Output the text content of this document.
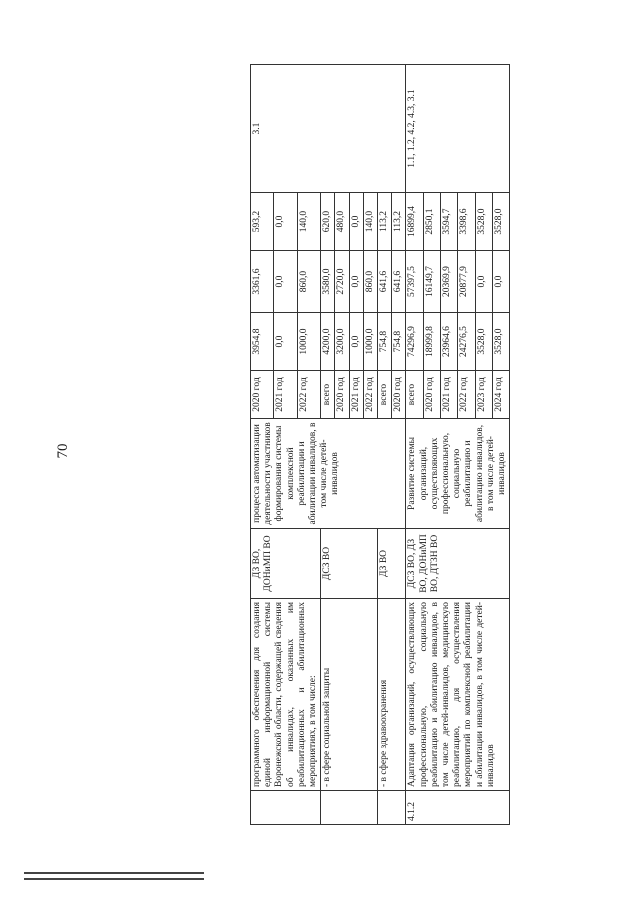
70
	программного обеспечения для создания единой информационной системы Воронежской области, содержащей сведения об инвалидах, оказанных им реабилитационных и абилитационных мероприятиях, в том числе:	ДЗ ВО, ДОНиМП ВО	процесса автоматизации деятельности участников формирования системы комплексной реабилитации и абилитации инвалидов, в том числе детей-инвалидов	2020 год	3954,8	3361,6	593,2	3.1
				2021 год	0,0	0,0	0,0	
				2022 год	1000,0	860,0	140,0	
	- в сфере социальной защиты	ДСЗ ВО		всего	4200,0	3580,0	620,0	
				2020 год	3200,0	2720,0	480,0	
				2021 год	0,0	0,0	0,0	
				2022 год	1000,0	860,0	140,0	
	- в сфере здравоохранения	ДЗ ВО		всего	754,8	641,6	113,2	
				2020 год	754,8	641,6	113,2	
4.1.2	Адаптация организаций, осуществляющих профессиональную, социальную реабилитацию и абилитацию инвалидов, в том числе детей-инвалидов, медицинскую реабилитацию, для осуществления мероприятий по комплексной реабилитации и абилитации инвалидов, в том числе детей-инвалидов	ДСЗ ВО, ДЗ ВО, ДОНиМП ВО, ДТЗН ВО	Развитие системы организаций, осуществляющих профессиональную, социальную реабилитацию и абилитацию инвалидов, в том числе детей-инвалидов	всего	74296,9	57397,5	16899,4	1.1, 1.2, 4.2, 4.3, 3.1
				2020 год	18999,8	16149,7	2850,1	
				2021 год	23964,6	20369,9	3594,7	
				2022 год	24276,5	20877,9	3398,6	
				2023 год	3528,0	0,0	3528,0	
				2024 год	3528,0	0,0	3528,0	
